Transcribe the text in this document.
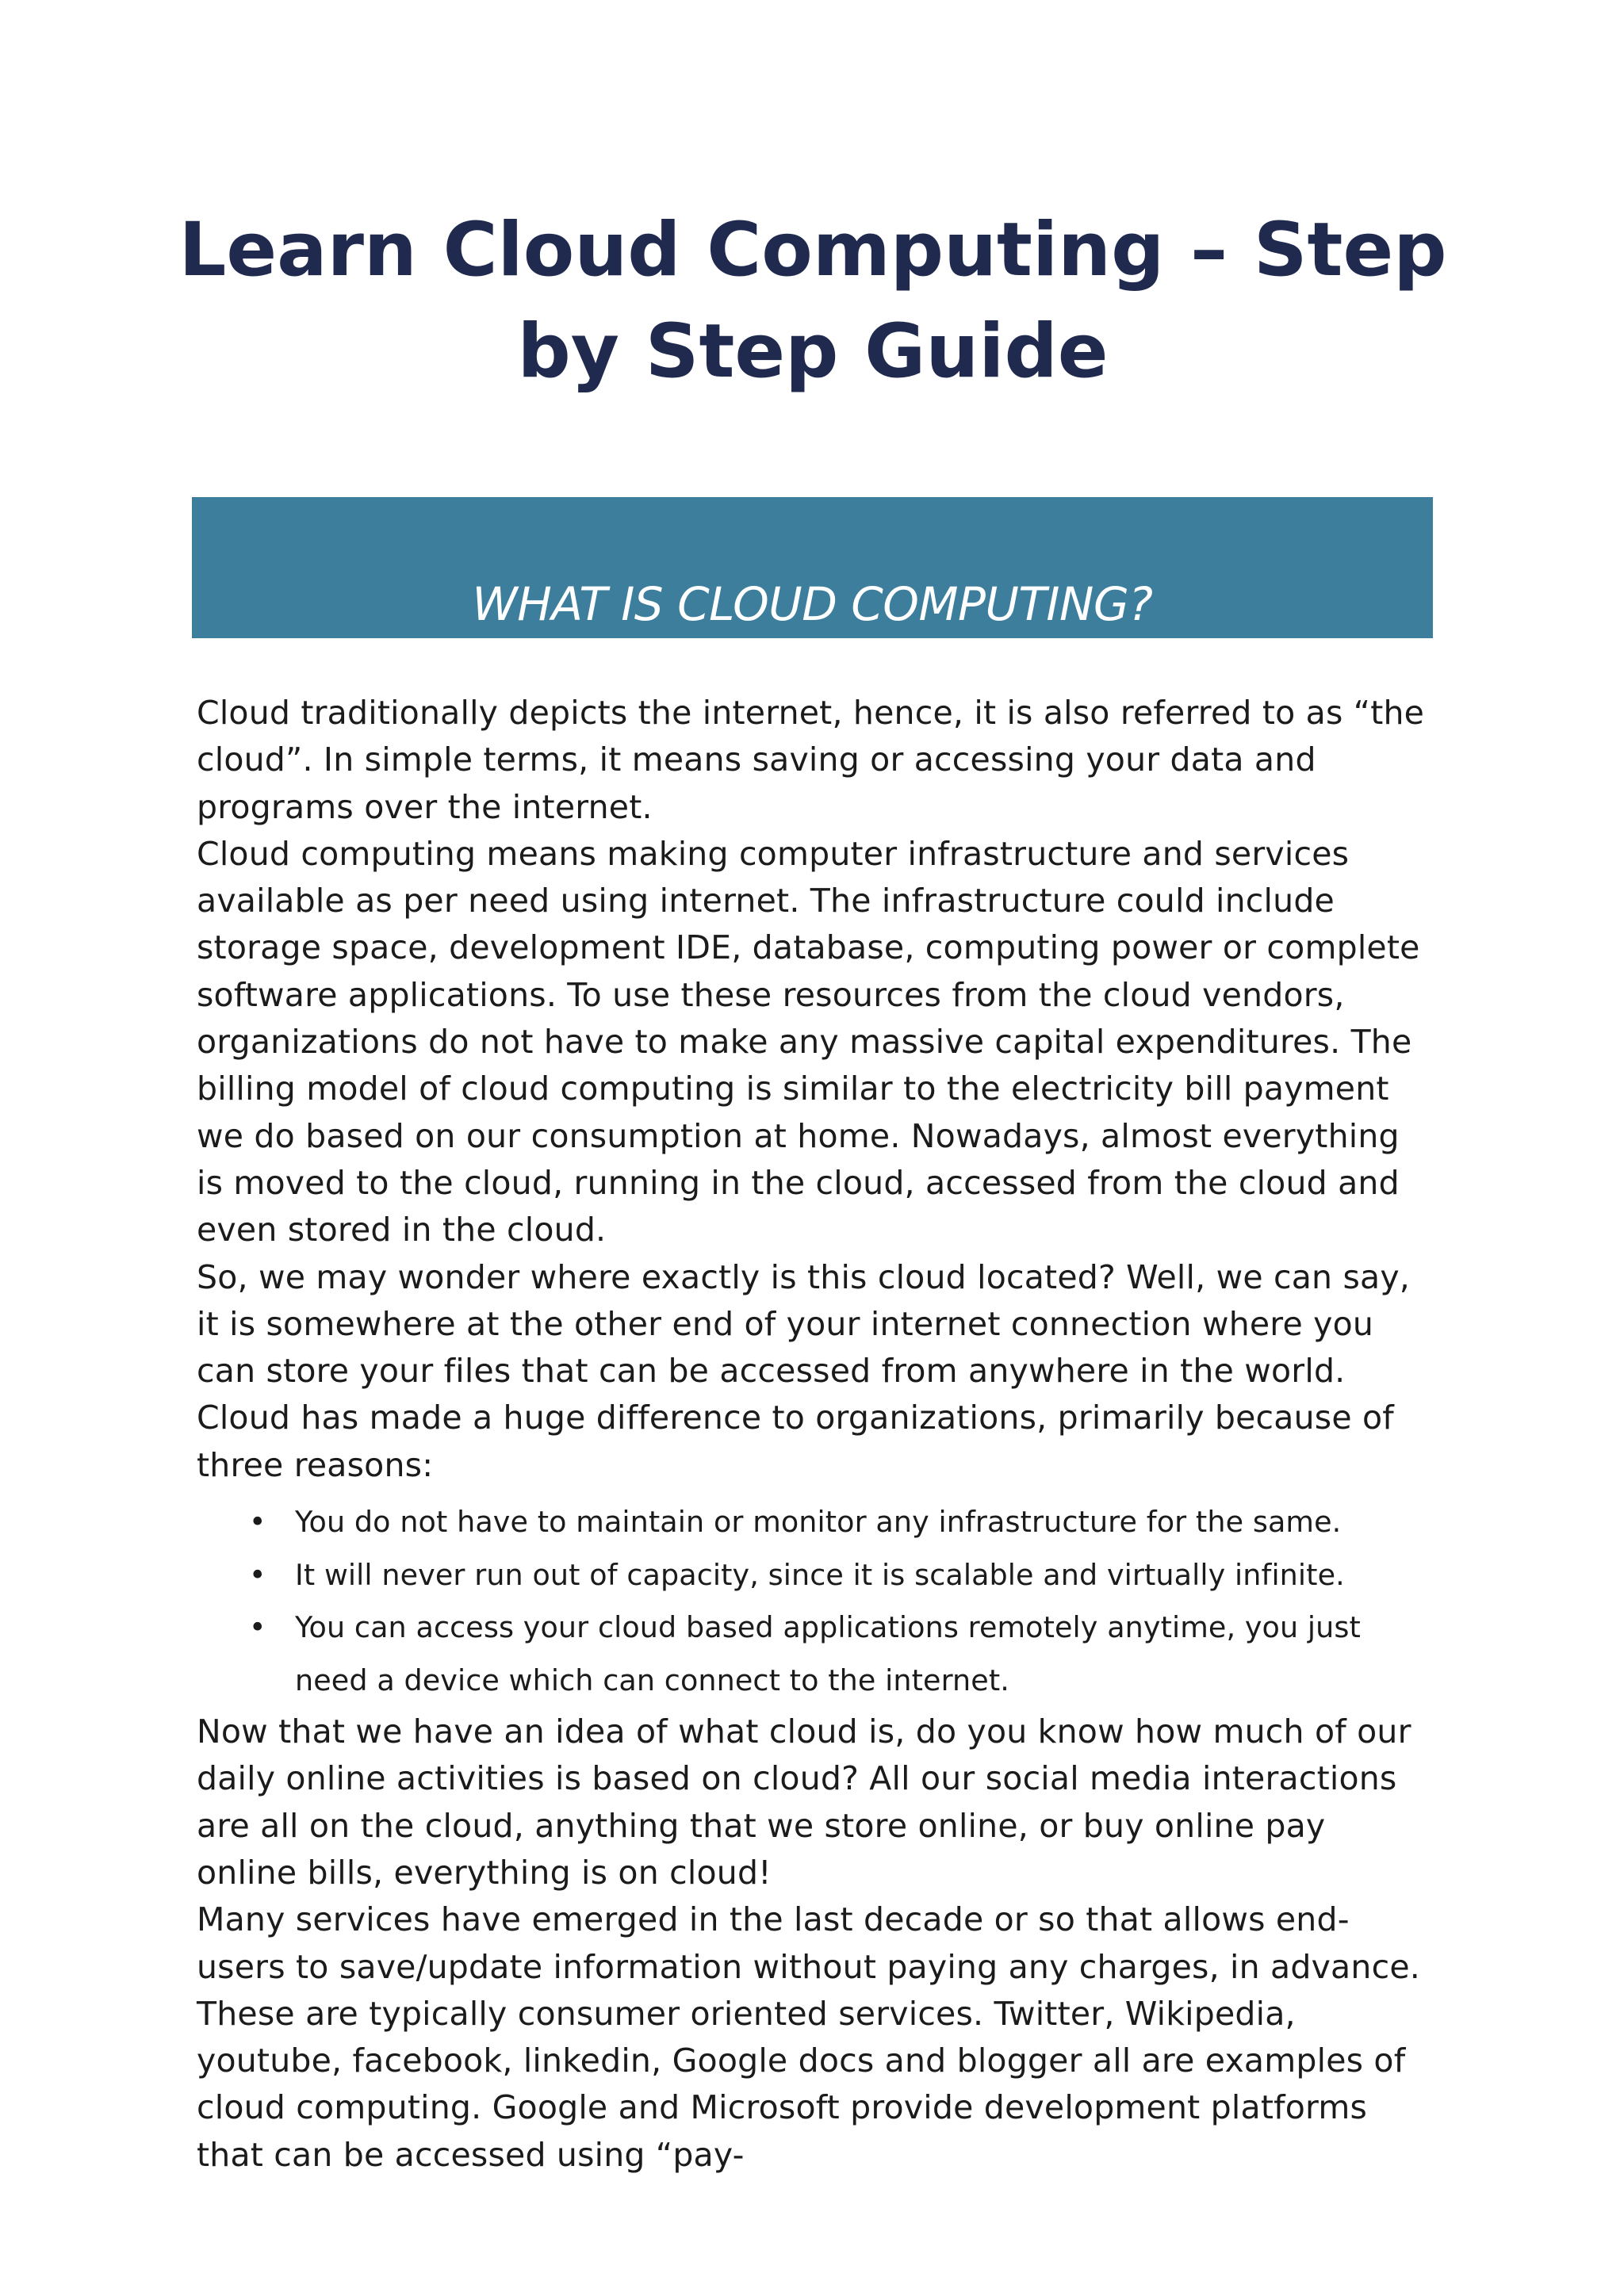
Learn Cloud Computing – Step by Step Guide
WHAT IS CLOUD COMPUTING?

Cloud traditionally depicts the internet, hence, it is also referred to as “the cloud”. In simple terms, it means saving or accessing your data and programs over the internet.

Cloud computing means making computer infrastructure and services available as per need using internet. The infrastructure could include storage space, development IDE, database, computing power or complete software applications. To use these resources from the cloud vendors, organizations do not have to make any massive capital expenditures. The billing model of cloud computing is similar to the electricity bill payment we do based on our consumption at home. Nowadays, almost everything is moved to the cloud, running in the cloud, accessed from the cloud and even stored in the cloud.

So, we may wonder where exactly is this cloud located? Well, we can say, it is somewhere at the other end of your internet connection where you can store your files that can be accessed from anywhere in the world.

Cloud has made a huge difference to organizations, primarily because of three reasons:

• You do not have to maintain or monitor any infrastructure for the same.
• It will never run out of capacity, since it is scalable and virtually infinite.
• You can access your cloud based applications remotely anytime, you just need a device which can connect to the internet.

Now that we have an idea of what cloud is, do you know how much of our daily online activities is based on cloud? All our social media interactions are all on the cloud, anything that we store online, or buy online pay online bills, everything is on cloud!

Many services have emerged in the last decade or so that allows end-users to save/update information without paying any charges, in advance. These are typically consumer oriented services. Twitter, Wikipedia, youtube, facebook, linkedin, Google docs and blogger all are examples of cloud computing. Google and Microsoft provide development platforms that can be accessed using “pay-
